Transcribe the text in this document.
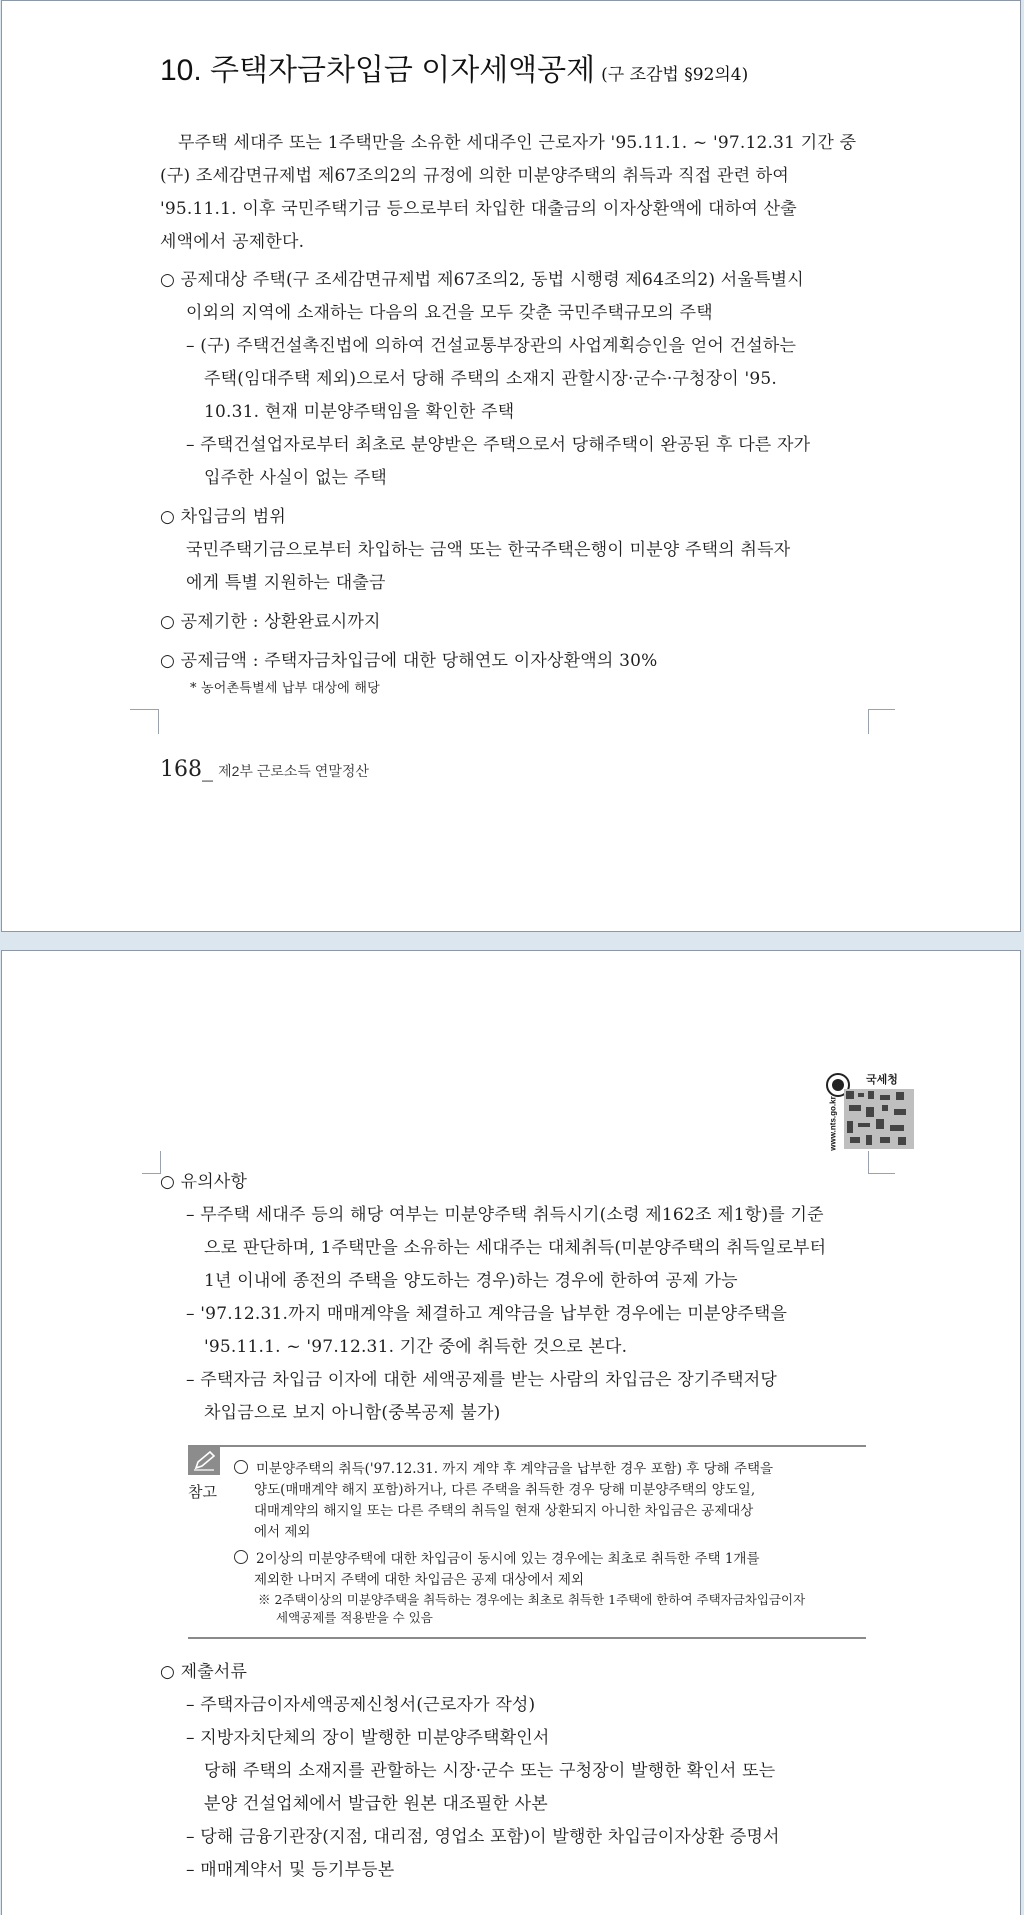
10. 주택자금차입금 이자세액공제 (구 조감법 §92의4)
무주택 세대주 또는 1주택만을 소유한 세대주인 근로자가 '95.11.1. ~ '97.12.31 기간 중
(구) 조세감면규제법 제67조의2의 규정에 의한 미분양주택의 취득과 직접 관련 하여
'95.11.1. 이후 국민주택기금 등으로부터 차입한 대출금의 이자상환액에 대하여 산출
세액에서 공제한다.
○ 공제대상 주택(구 조세감면규제법 제67조의2, 동법 시행령 제64조의2) 서울특별시
이외의 지역에 소재하는 다음의 요건을 모두 갖춘 국민주택규모의 주택
– (구) 주택건설촉진법에 의하여 건설교통부장관의 사업계획승인을 얻어 건설하는
주택(임대주택 제외)으로서 당해 주택의 소재지 관할시장·군수·구청장이 '95.
10.31. 현재 미분양주택임을 확인한 주택
– 주택건설업자로부터 최초로 분양받은 주택으로서 당해주택이 완공된 후 다른 자가
입주한 사실이 없는 주택
○ 차입금의 범위
국민주택기금으로부터 차입하는 금액 또는 한국주택은행이 미분양 주택의 취득자
에게 특별 지원하는 대출금
○ 공제기한 : 상환완료시까지
○ 공제금액 : 주택자금차입금에 대한 당해연도 이자상환액의 30%
* 농어촌특별세 납부 대상에 해당
168_ 제2부 근로소득 연말정산
국세청
www.nts.go.kr
○ 유의사항
– 무주택 세대주 등의 해당 여부는 미분양주택 취득시기(소령 제162조 제1항)를 기준
으로 판단하며, 1주택만을 소유하는 세대주는 대체취득(미분양주택의 취득일로부터
1년 이내에 종전의 주택을 양도하는 경우)하는 경우에 한하여 공제 가능
– '97.12.31.까지 매매계약을 체결하고 계약금을 납부한 경우에는 미분양주택을
'95.11.1. ~ '97.12.31. 기간 중에 취득한 것으로 본다.
– 주택자금 차입금 이자에 대한 세액공제를 받는 사람의 차입금은 장기주택저당
차입금으로 보지 아니함(중복공제 불가)
참고
미분양주택의 취득('97.12.31. 까지 계약 후 계약금을 납부한 경우 포함) 후 당해 주택을
양도(매매계약 해지 포함)하거나, 다른 주택을 취득한 경우 당해 미분양주택의 양도일,
대매계약의 해지일 또는 다른 주택의 취득일 현재 상환되지 아니한 차입금은 공제대상
에서 제외
2이상의 미분양주택에 대한 차입금이 동시에 있는 경우에는 최초로 취득한 주택 1개를
제외한 나머지 주택에 대한 차입금은 공제 대상에서 제외
※ 2주택이상의 미분양주택을 취득하는 경우에는 최초로 취득한 1주택에 한하여 주택자금차입금이자
세액공제를 적용받을 수 있음
○ 제출서류
– 주택자금이자세액공제신청서(근로자가 작성)
– 지방자치단체의 장이 발행한 미분양주택확인서
당해 주택의 소재지를 관할하는 시장·군수 또는 구청장이 발행한 확인서 또는
분양 건설업체에서 발급한 원본 대조필한 사본
– 당해 금융기관장(지점, 대리점, 영업소 포함)이 발행한 차입금이자상환 증명서
– 매매계약서 및 등기부등본
